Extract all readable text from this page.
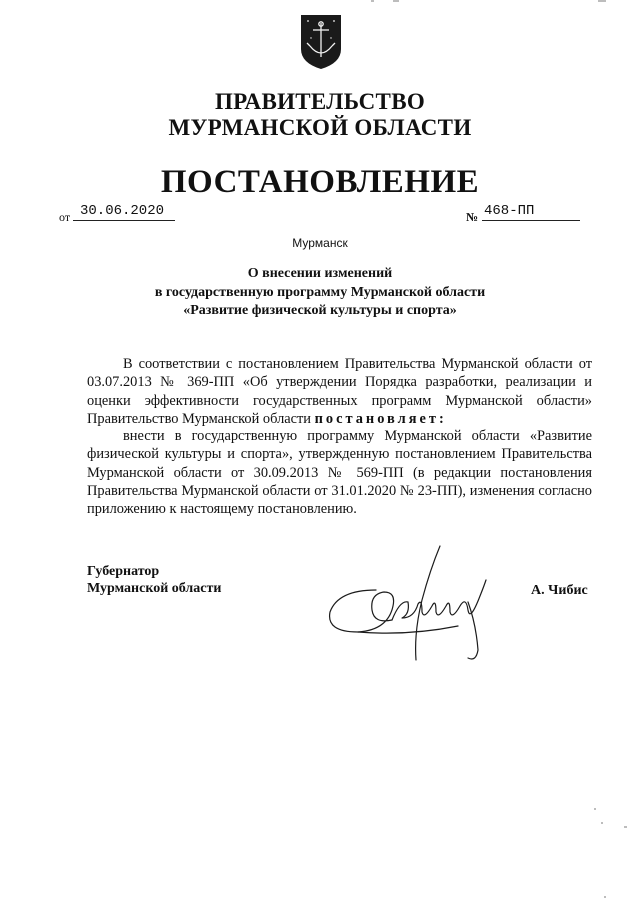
ПРАВИТЕЛЬСТВО
МУРМАНСКОЙ ОБЛАСТИ
ПОСТАНОВЛЕНИЕ
от 30.06.2020	№ 468-ПП
Мурманск
О внесении изменений
в государственную программу Мурманской области
«Развитие физической культуры и спорта»

В соответствии с постановлением Правительства Мурманской области от 03.07.2013 № 369-ПП «Об утверждении Порядка разработки, реализации и оценки эффективности государственных программ Мурманской области» Правительство Мурманской области постановляет:

внести в государственную программу Мурманской области «Развитие физической культуры и спорта», утвержденную постановлением Правительства Мурманской области от 30.09.2013 № 569-ПП (в редакции постановления Правительства Мурманской области от 31.01.2020 № 23-ПП), изменения согласно приложению к настоящему постановлению.

Губернатор
Мурманской области	А. Чибис
